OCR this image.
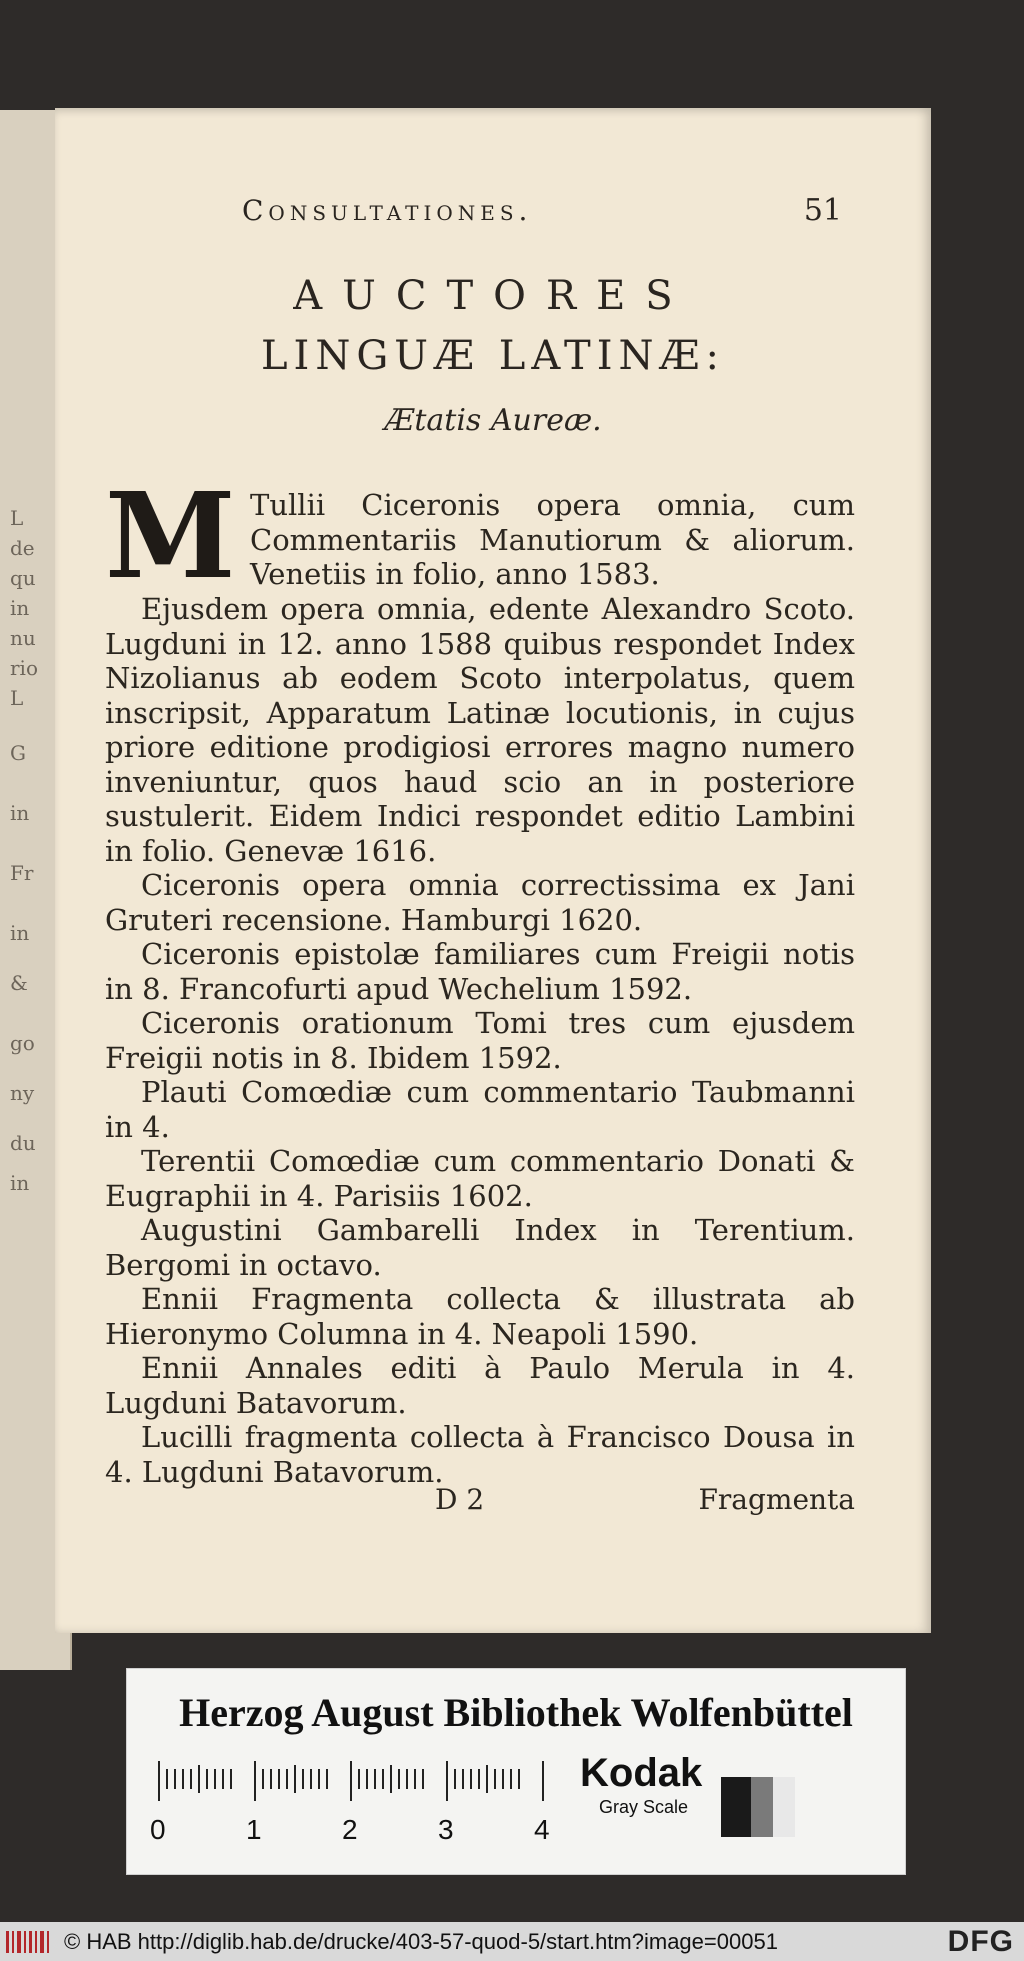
L
de
qu
in
nu
rio
L
G
in
Fr
in
&
go
ny
du
in
Consultationes.	51
AUCTORES
LINGUÆ LATINÆ:
Ætatis Aureæ.
M Tullii Ciceronis opera omnia, cum Commentariis Manutiorum & aliorum. Venetiis in folio, anno 1583.

Ejusdem opera omnia, edente Alexandro Scoto. Lugduni in 12. anno 1588 quibus respondet Index Nizolianus ab eodem Scoto interpolatus, quem inscripsit, Apparatum Latinæ locutionis, in cujus priore editione prodigiosi errores magno numero inveniuntur, quos haud scio an in posteriore sustulerit. Eidem Indici respondet editio Lambini in folio. Genevæ 1616.

Ciceronis opera omnia correctissima ex Jani Gruteri recensione. Hamburgi 1620.

Ciceronis epistolæ familiares cum Freigii notis in 8. Francofurti apud Wechelium 1592.

Ciceronis orationum Tomi tres cum ejusdem Freigii notis in 8. Ibidem 1592.

Plauti Comœdiæ cum commentario Taubmanni in 4.

Terentii Comœdiæ cum commentario Donati & Eugraphii in 4. Parisiis 1602.

Augustini Gambarelli Index in Terentium. Bergomi in octavo.

Ennii Fragmenta collecta & illustrata ab Hieronymo Columna in 4. Neapoli 1590.

Ennii Annales editi à Paulo Merula in 4. Lugduni Batavorum.

Lucilli fragmenta collecta à Francisco Dousa in 4. Lugduni Batavorum.

D 2	Fragmenta
Herzog August Bibliothek Wolfenbüttel
0	1	2	3	4
Kodak
Gray Scale
© HAB http://diglib.hab.de/drucke/403-57-quod-5/start.htm?image=00051	DFG
